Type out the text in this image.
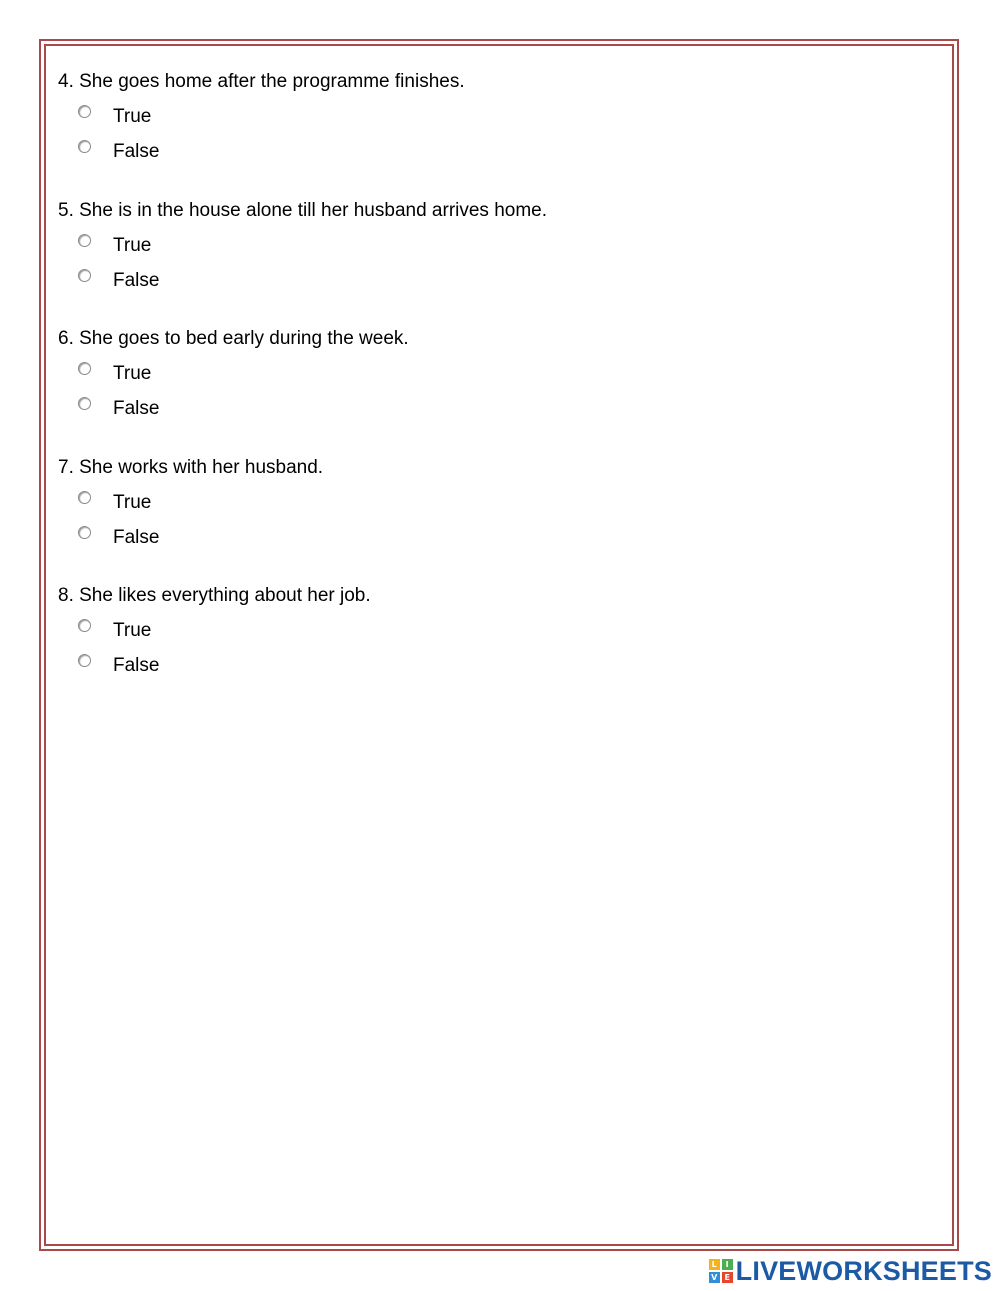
4. She goes home after the programme finishes.
True
False
5. She is in the house alone till her husband arrives home.
True
False
6. She goes to bed early during the week.
True
False
7. She works with her husband.
True
False
8. She likes everything about her job.
True
False
L	I
V E LIVEWORKSHEETS
